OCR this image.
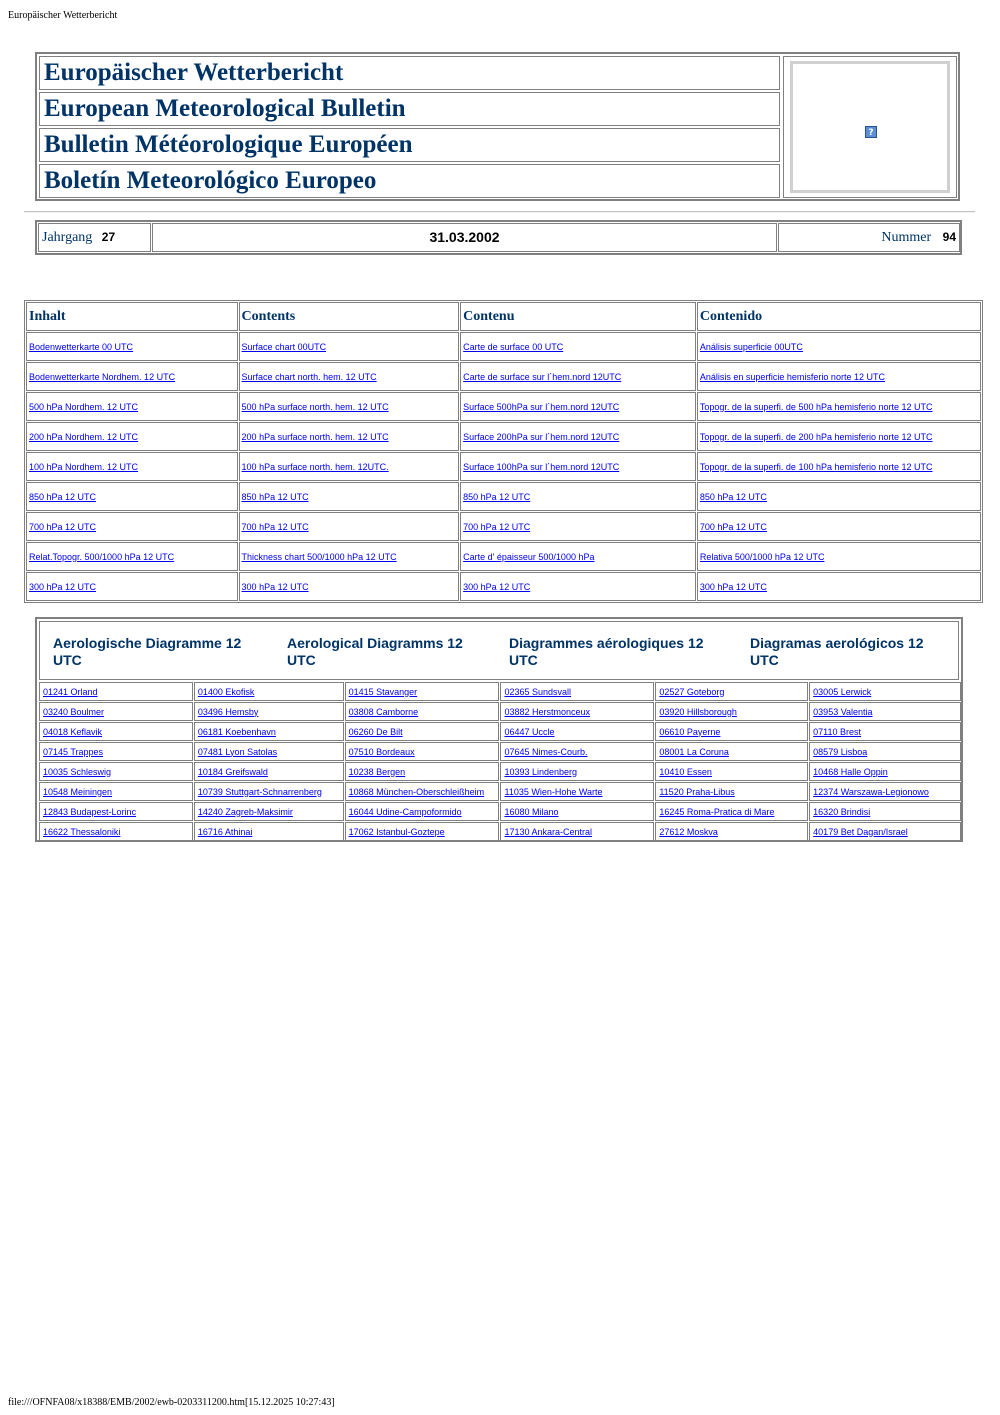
Europäischer Wetterbericht
Europäischer Wetterbericht
European Meteorological Bulletin
Bulletin Météorologique Européen
Boletín Meteorológico Europeo
?
Jahrgang 27	31.03.2002	Nummer 94
Inhalt	Contents	Contenu	Contenido
Bodenwetterkarte 00 UTC	Surface chart 00UTC	Carte de surface 00 UTC	Análisis superficie 00UTC
Bodenwetterkarte Nordhem. 12 UTC	Surface chart north. hem. 12 UTC	Carte de surface sur l´hem.nord 12UTC	Análisis en superficie hemisferio norte 12 UTC
500 hPa Nordhem. 12 UTC	500 hPa surface north. hem. 12 UTC	Surface 500hPa sur l´hem.nord 12UTC	Topogr. de la superfi. de 500 hPa hemisferio norte 12 UTC
200 hPa Nordhem. 12 UTC	200 hPa surface north. hem. 12 UTC	Surface 200hPa sur l´hem.nord 12UTC	Topogr. de la superfi. de 200 hPa hemisferio norte 12 UTC
100 hPa Nordhem. 12 UTC	100 hPa surface north. hem. 12UTC.	Surface 100hPa sur l´hem.nord 12UTC	Topogr. de la superfi. de 100 hPa hemisferio norte 12 UTC
850 hPa 12 UTC	850 hPa 12 UTC	850 hPa 12 UTC	850 hPa 12 UTC
700 hPa 12 UTC	700 hPa 12 UTC	700 hPa 12 UTC	700 hPa 12 UTC
Relat.Topogr. 500/1000 hPa 12 UTC	Thickness chart 500/1000 hPa 12 UTC	Carte d' épaisseur 500/1000 hPa	Relativa 500/1000 hPa 12 UTC
300 hPa 12 UTC	300 hPa 12 UTC	300 hPa 12 UTC	300 hPa 12 UTC
Aerologische Diagramme 12 UTC
Aerological Diagramms 12 UTC
Diagrammes aérologiques 12 UTC
Diagramas aerológicos 12 UTC
01241 Orland	01400 Ekofisk	01415 Stavanger	02365 Sundsvall	02527 Goteborg	03005 Lerwick
03240 Boulmer	03496 Hemsby	03808 Camborne	03882 Herstmonceux	03920 Hillsborough	03953 Valentia
04018 Keflavik	06181 Koebenhavn	06260 De Bilt	06447 Uccle	06610 Payerne	07110 Brest
07145 Trappes	07481 Lyon Satolas	07510 Bordeaux	07645 Nimes-Courb.	08001 La Coruna	08579 Lisboa
10035 Schleswig	10184 Greifswald	10238 Bergen	10393 Lindenberg	10410 Essen	10468 Halle Oppin
10548 Meiningen	10739 Stuttgart-Schnarrenberg	10868 München-Oberschleißheim	11035 Wien-Hohe Warte	11520 Praha-Libus	12374 Warszawa-Legionowo
12843 Budapest-Lorinc	14240 Zagreb-Maksimir	16044 Udine-Campoformido	16080 Milano	16245 Roma-Pratica di Mare	16320 Brindisi
16622 Thessaloniki	16716 Athinai	17062 Istanbul-Goztepe	17130 Ankara-Central	27612 Moskva	40179 Bet Dagan/Israel
file:///OFNFA08/x18388/EMB/2002/ewb-0203311200.htm[15.12.2025 10:27:43]
